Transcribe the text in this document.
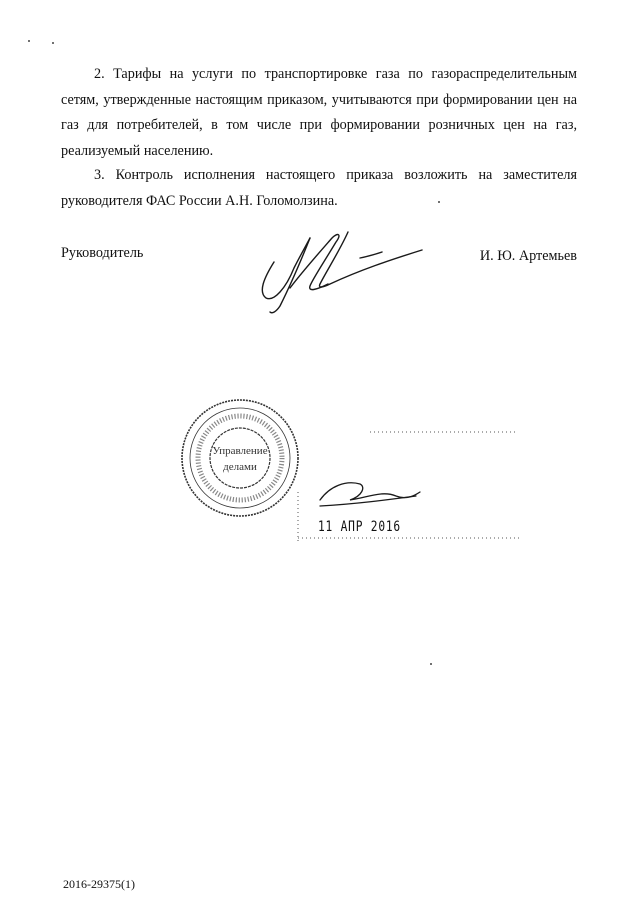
2. Тарифы на услуги по транспортировке газа по газораспределительным сетям, утвержденные настоящим приказом, учитываются при формировании цен на газ для потребителей, в том числе при формировании розничных цен на газ, реализуемый населению.

3. Контроль исполнения настоящего приказа возложить на заместителя руководителя ФАС России А.Н. Голомолзина.

Руководитель	И. Ю. Артемьев
Управление
делами
11 АПР 2016
2016-29375(1)
